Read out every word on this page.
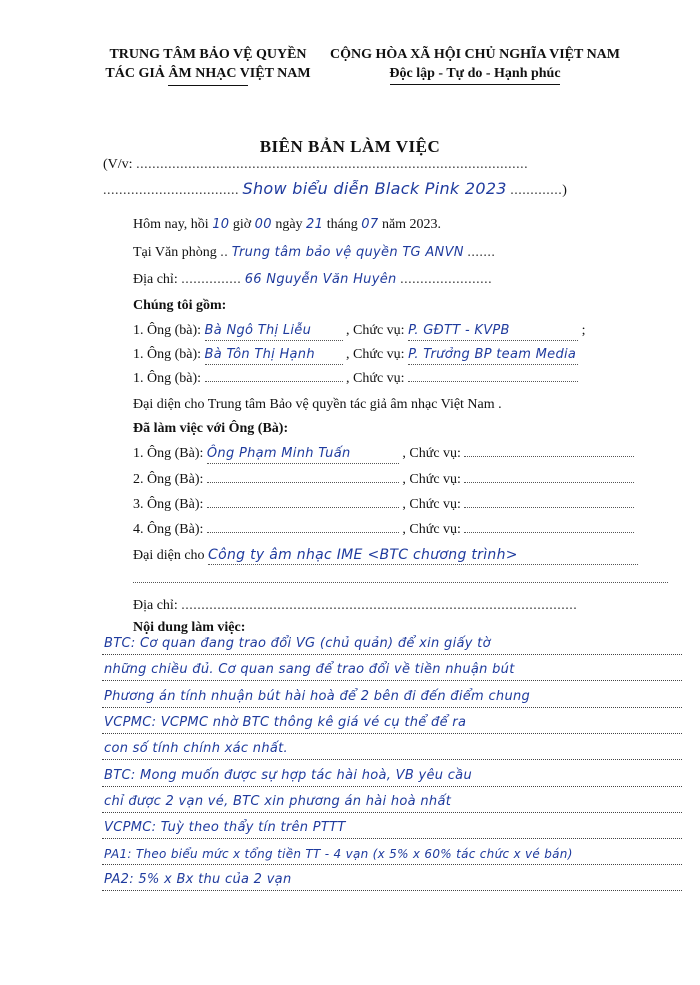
TRUNG TÂM BẢO VỆ QUYỀN
TÁC GIẢ ÂM NHẠC VIỆT NAM
CỘNG HÒA XÃ HỘI CHỦ NGHĨA VIỆT NAM
Độc lập - Tự do - Hạnh phúc
BIÊN BẢN LÀM VIỆC
(V/v: ..................................................................................................
.................................. Show biểu diễn Black Pink 2023 .............)
Hôm nay, hồi 10 giờ 00 ngày 21 tháng 07 năm 2023.
Tại Văn phòng .. Trung tâm bảo vệ quyền TG ANVN .......
Địa chỉ: ............... 66 Nguyễn Văn Huyên .......................
Chúng tôi gồm:
1. Ông (bà): Bà Ngô Thị Liễu , Chức vụ: P. GĐTT - KVPB	;
1. Ông (bà): Bà Tôn Thị Hạnh , Chức vụ: P. Trưởng BP team Media
1. Ông (bà):	, Chức vụ:
Đại diện cho Trung tâm Bảo vệ quyền tác giả âm nhạc Việt Nam .
Đã làm việc với Ông (Bà):
1. Ông (Bà): Ông Phạm Minh Tuấn	, Chức vụ:
2. Ông (Bà):	, Chức vụ:
3. Ông (Bà):	, Chức vụ:
4. Ông (Bà):	, Chức vụ:
Đại diện cho Công ty âm nhạc IME <BTC chương trình>
Địa chỉ: ...................................................................................................
Nội dung làm việc:
BTC: Cơ quan đang trao đổi VG (chủ quản) để xin giấy tờ
những chiều đủ. Cơ quan sang để trao đổi về tiền nhuận bút
Phương án tính nhuận bút hài hoà để 2 bên đi đến điểm chung
VCPMC: VCPMC nhờ BTC thông kê giá vé cụ thể để ra
con số tính chính xác nhất.
BTC: Mong muốn được sự hợp tác hài hoà, VB yêu cầu
chỉ được 2 vạn vé, BTC xin phương án hài hoà nhất
VCPMC: Tuỳ theo thẩy tín trên PTTT
PA1: Theo biểu mức x tổng tiền TT - 4 vạn (x 5% x 60% tác chức x vé bán)
PA2: 5% x Bx thu của 2 vạn
